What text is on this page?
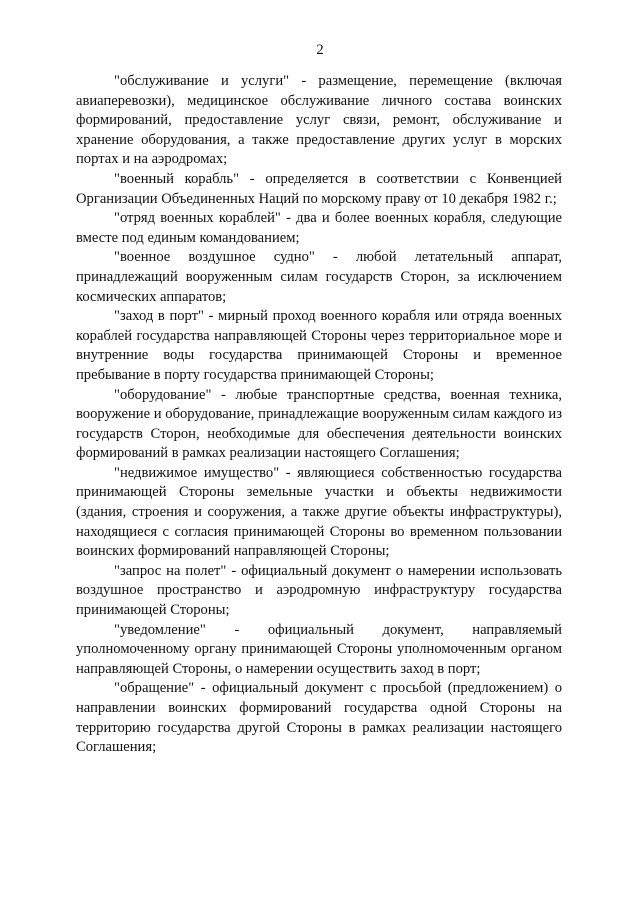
2

"обслуживание и услуги" - размещение, перемещение (включая авиаперевозки), медицинское обслуживание личного состава воинских формирований, предоставление услуг связи, ремонт, обслуживание и хранение оборудования, а также предоставление других услуг в морских портах и на аэродромах;

"военный корабль" - определяется в соответствии с Конвенцией Организации Объединенных Наций по морскому праву от 10 декабря 1982 г.;

"отряд военных кораблей" - два и более военных корабля, следующие вместе под единым командованием;

"военное воздушное судно" - любой летательный аппарат, принадлежащий вооруженным силам государств Сторон, за исключением космических аппаратов;

"заход в порт" - мирный проход военного корабля или отряда военных кораблей государства направляющей Стороны через территориальное море и внутренние воды государства принимающей Стороны и временное пребывание в порту государства принимающей Стороны;

"оборудование" - любые транспортные средства, военная техника, вооружение и оборудование, принадлежащие вооруженным силам каждого из государств Сторон, необходимые для обеспечения деятельности воинских формирований в рамках реализации настоящего Соглашения;

"недвижимое имущество" - являющиеся собственностью государства принимающей Стороны земельные участки и объекты недвижимости (здания, строения и сооружения, а также другие объекты инфраструктуры), находящиеся с согласия принимающей Стороны во временном пользовании воинских формирований направляющей Стороны;

"запрос на полет" - официальный документ о намерении использовать воздушное пространство и аэродромную инфраструктуру государства принимающей Стороны;

"уведомление" - официальный документ, направляемый уполномоченному органу принимающей Стороны уполномоченным органом направляющей Стороны, о намерении осуществить заход в порт;

"обращение" - официальный документ с просьбой (предложением) о направлении воинских формирований государства одной Стороны на территорию государства другой Стороны в рамках реализации настоящего Соглашения;
